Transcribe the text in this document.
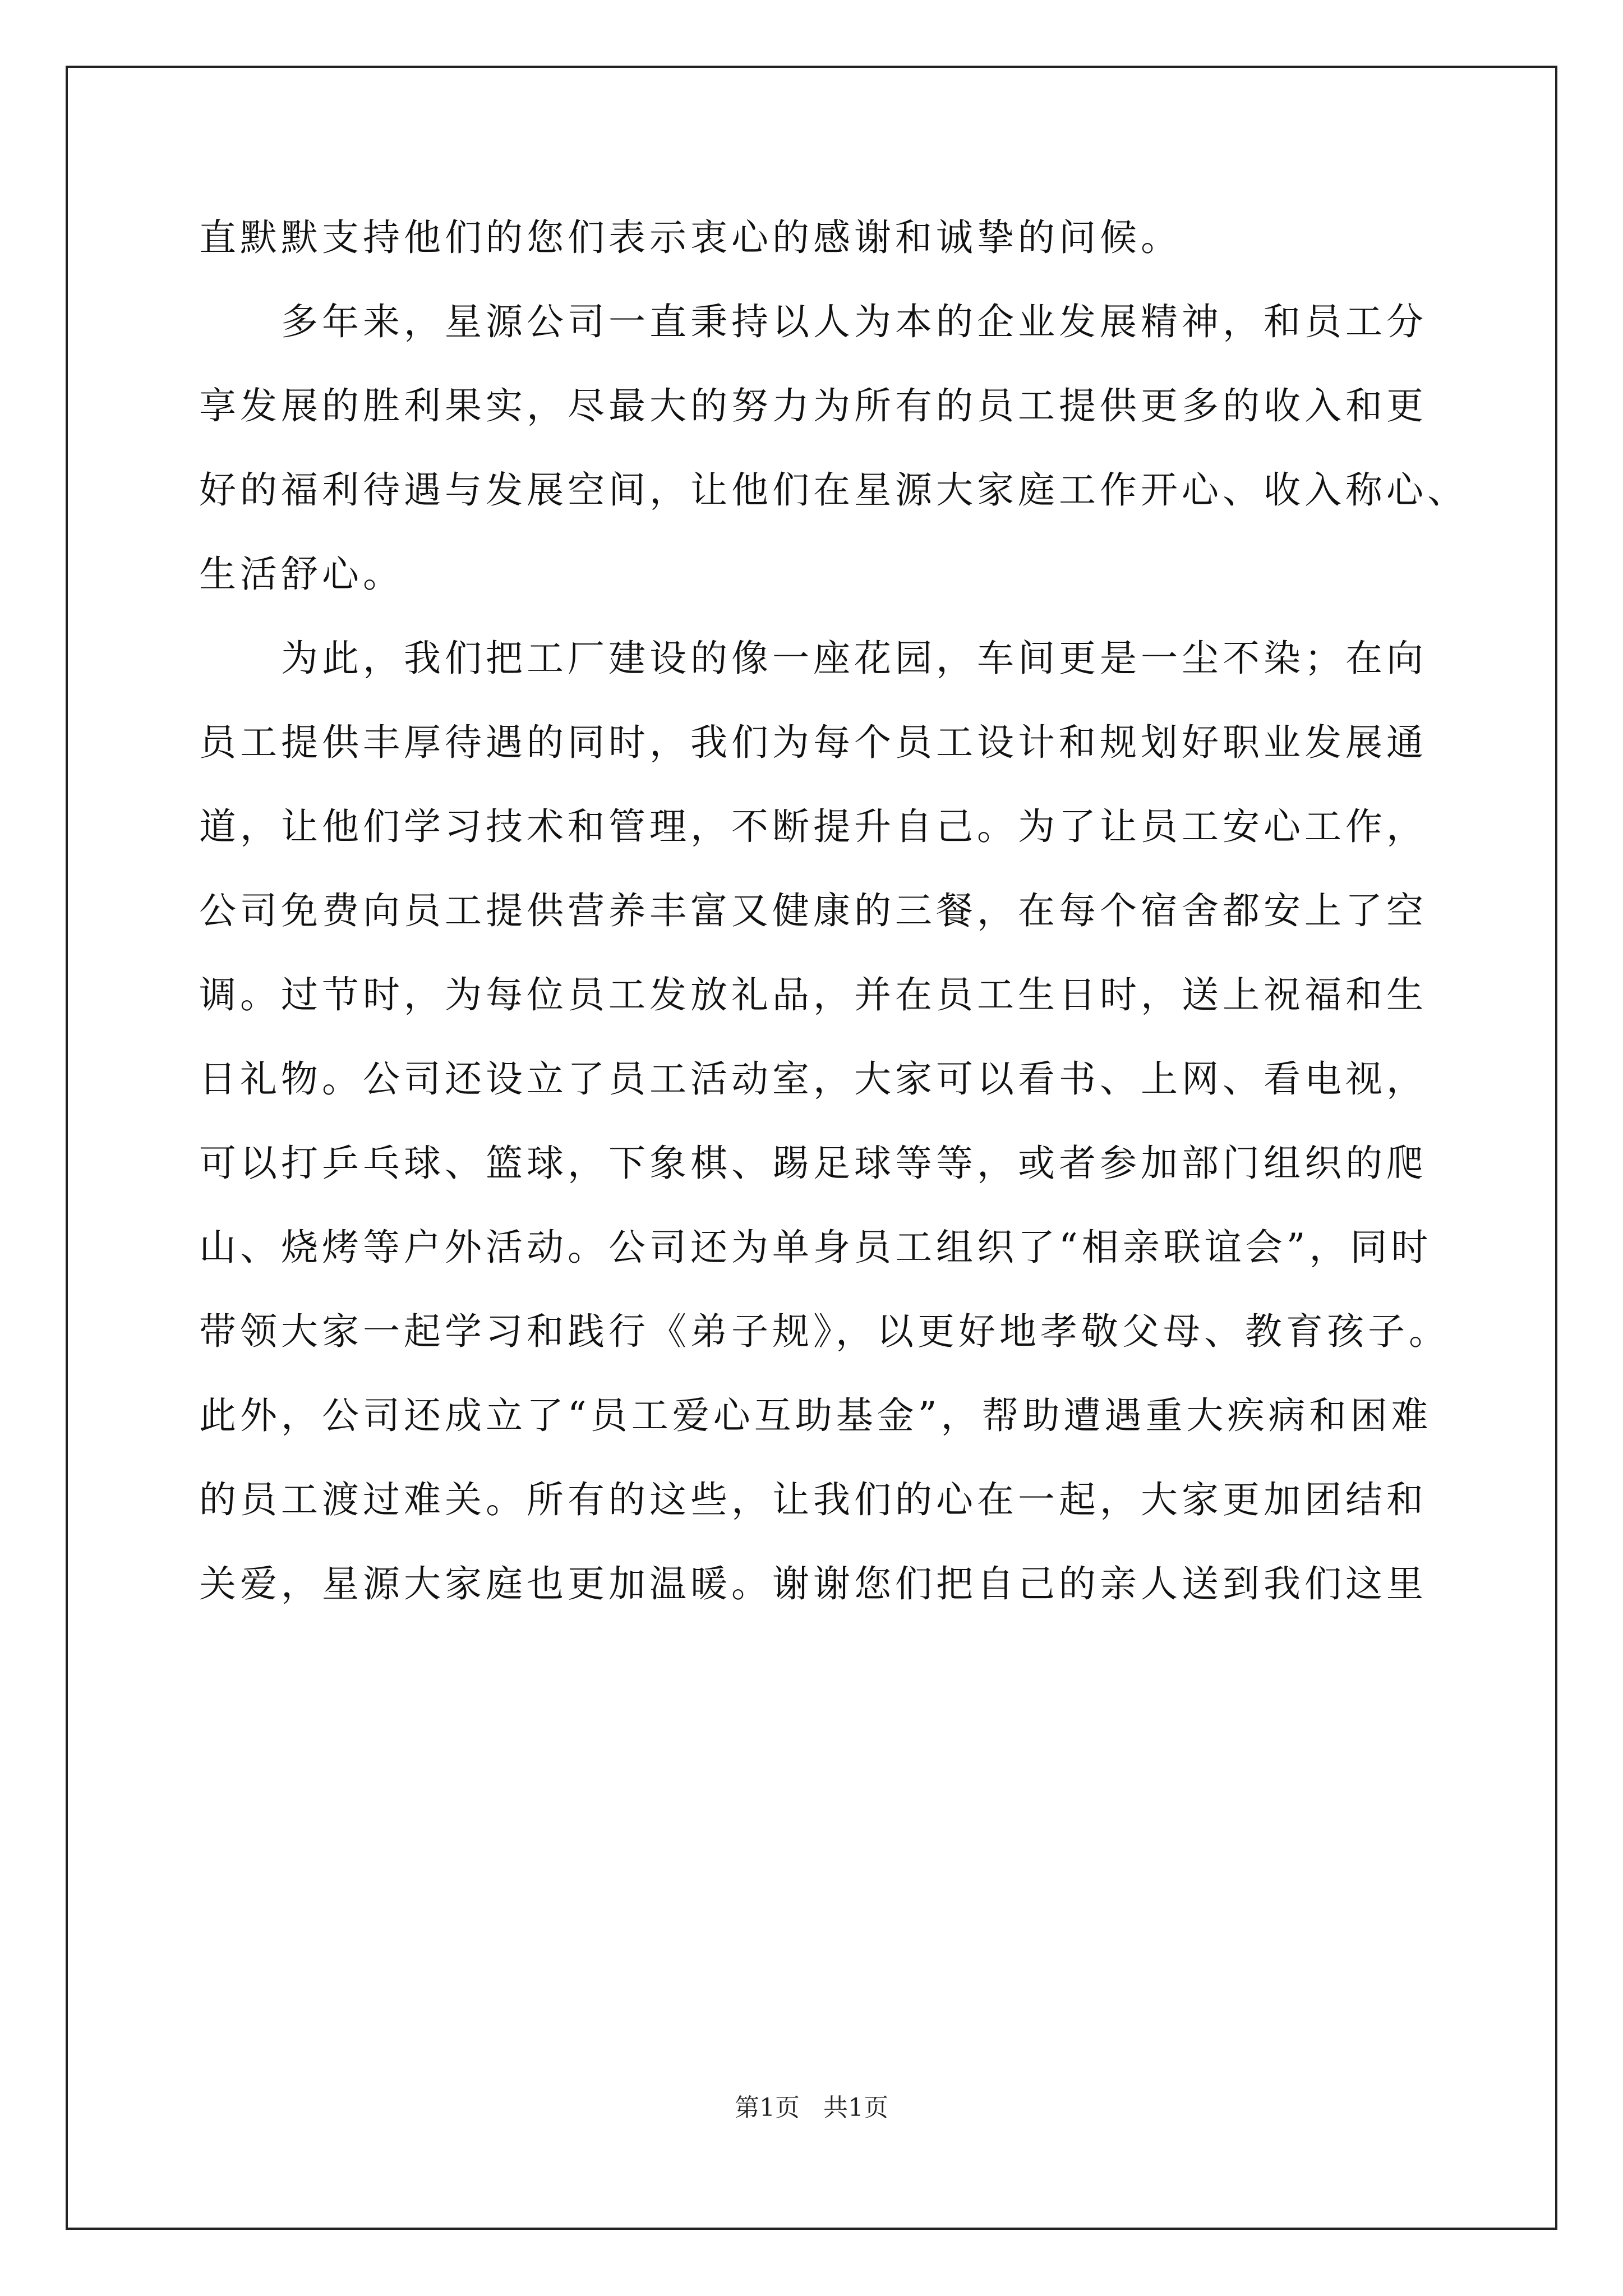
直默默支持他们的您们表示衷心的感谢和诚挚的问候。
　　多年来，星源公司一直秉持以人为本的企业发展精神，和员工分
享发展的胜利果实，尽最大的努力为所有的员工提供更多的收入和更
好的福利待遇与发展空间，让他们在星源大家庭工作开心、收入称心、
生活舒心。
　　为此，我们把工厂建设的像一座花园，车间更是一尘不染；在向
员工提供丰厚待遇的同时，我们为每个员工设计和规划好职业发展通
道，让他们学习技术和管理，不断提升自己。为了让员工安心工作，
公司免费向员工提供营养丰富又健康的三餐，在每个宿舍都安上了空
调。过节时，为每位员工发放礼品，并在员工生日时，送上祝福和生
日礼物。公司还设立了员工活动室，大家可以看书、上网、看电视，
可以打乒乓球、篮球，下象棋、踢足球等等，或者参加部门组织的爬
山、烧烤等户外活动。公司还为单身员工组织了“相亲联谊会”，同时
带领大家一起学习和践行《弟子规》，以更好地孝敬父母、教育孩子。
此外，公司还成立了“员工爱心互助基金”，帮助遭遇重大疾病和困难
的员工渡过难关。所有的这些，让我们的心在一起，大家更加团结和
关爱，星源大家庭也更加温暖。谢谢您们把自己的亲人送到我们这里
第1页   共1页
